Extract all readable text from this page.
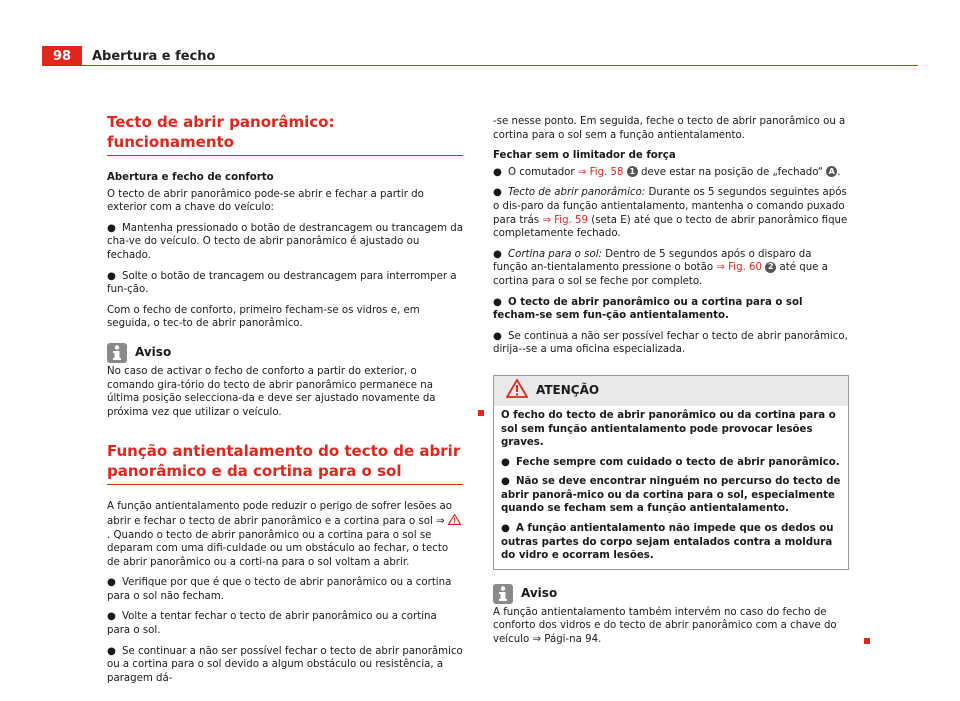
98	Abertura e fecho
Tecto de abrir panorâmico: funcionamento

Abertura e fecho de conforto

O tecto de abrir panorâmico pode-se abrir e fechar a partir do exterior com a chave do veículo:

● Mantenha pressionado o botão de destrancagem ou trancagem da cha-ve do veículo. O tecto de abrir panorâmico é ajustado ou fechado.

● Solte o botão de trancagem ou destrancagem para interromper a fun-ção.

Com o fecho de conforto, primeiro fecham-se os vidros e, em seguida, o tec-to de abrir panorâmico.

Aviso

No caso de activar o fecho de conforto a partir do exterior, o comando gira-tório do tecto de abrir panorâmico permanece na última posição selecciona-da e deve ser ajustado novamente da próxima vez que utilizar o veículo.

Função antientalamento do tecto de abrir panorâmico e da cortina para o sol

A função antientalamento pode reduzir o perigo de sofrer lesões ao abrir e fechar o tecto de abrir panorâmico e a cortina para o sol ⇒ . Quando o tecto de abrir panorâmico ou a cortina para o sol se deparam com uma difi-culdade ou um obstáculo ao fechar, o tecto de abrir panorâmico ou a corti-na para o sol voltam a abrir.

● Verifique por que é que o tecto de abrir panorâmico ou a cortina para o sol não fecham.

● Volte a tentar fechar o tecto de abrir panorâmico ou a cortina para o sol.

● Se continuar a não ser possível fechar o tecto de abrir panorâmico ou a cortina para o sol devido a algum obstáculo ou resistência, a paragem dá-

-se nesse ponto. Em seguida, feche o tecto de abrir panorâmico ou a cortina para o sol sem a função antientalamento.

Fechar sem o limitador de força

● O comutador ⇒ Fig. 58 1 deve estar na posição de „fechado“ A .

● Tecto de abrir panorâmico: Durante os 5 segundos seguintes após o dis-paro da função antientalamento, mantenha o comando puxado para trás ⇒ Fig. 59 (seta E) até que o tecto de abrir panorâmico fique completamente fechado.

● Cortina para o sol: Dentro de 5 segundos após o disparo da função an-tientalamento pressione o botão ⇒ Fig. 60 2 até que a cortina para o sol se feche por completo.

● O tecto de abrir panorâmico ou a cortina para o sol fecham-se sem fun-ção antientalamento.

● Se continua a não ser possível fechar o tecto de abrir panorâmico, dirija--se a uma oficina especializada.

ATENÇÃO

O fecho do tecto de abrir panorâmico ou da cortina para o sol sem função antientalamento pode provocar lesões graves.

● Feche sempre com cuidado o tecto de abrir panorâmico.

● Não se deve encontrar ninguém no percurso do tecto de abrir panorâ-mico ou da cortina para o sol, especialmente quando se fecham sem a função antientalamento.

● A função antientalamento não impede que os dedos ou outras partes do corpo sejam entalados contra a moldura do vidro e ocorram lesões.

Aviso

A função antientalamento também intervém no caso do fecho de conforto dos vidros e do tecto de abrir panorâmico com a chave do veículo ⇒ Pági-na 94.
